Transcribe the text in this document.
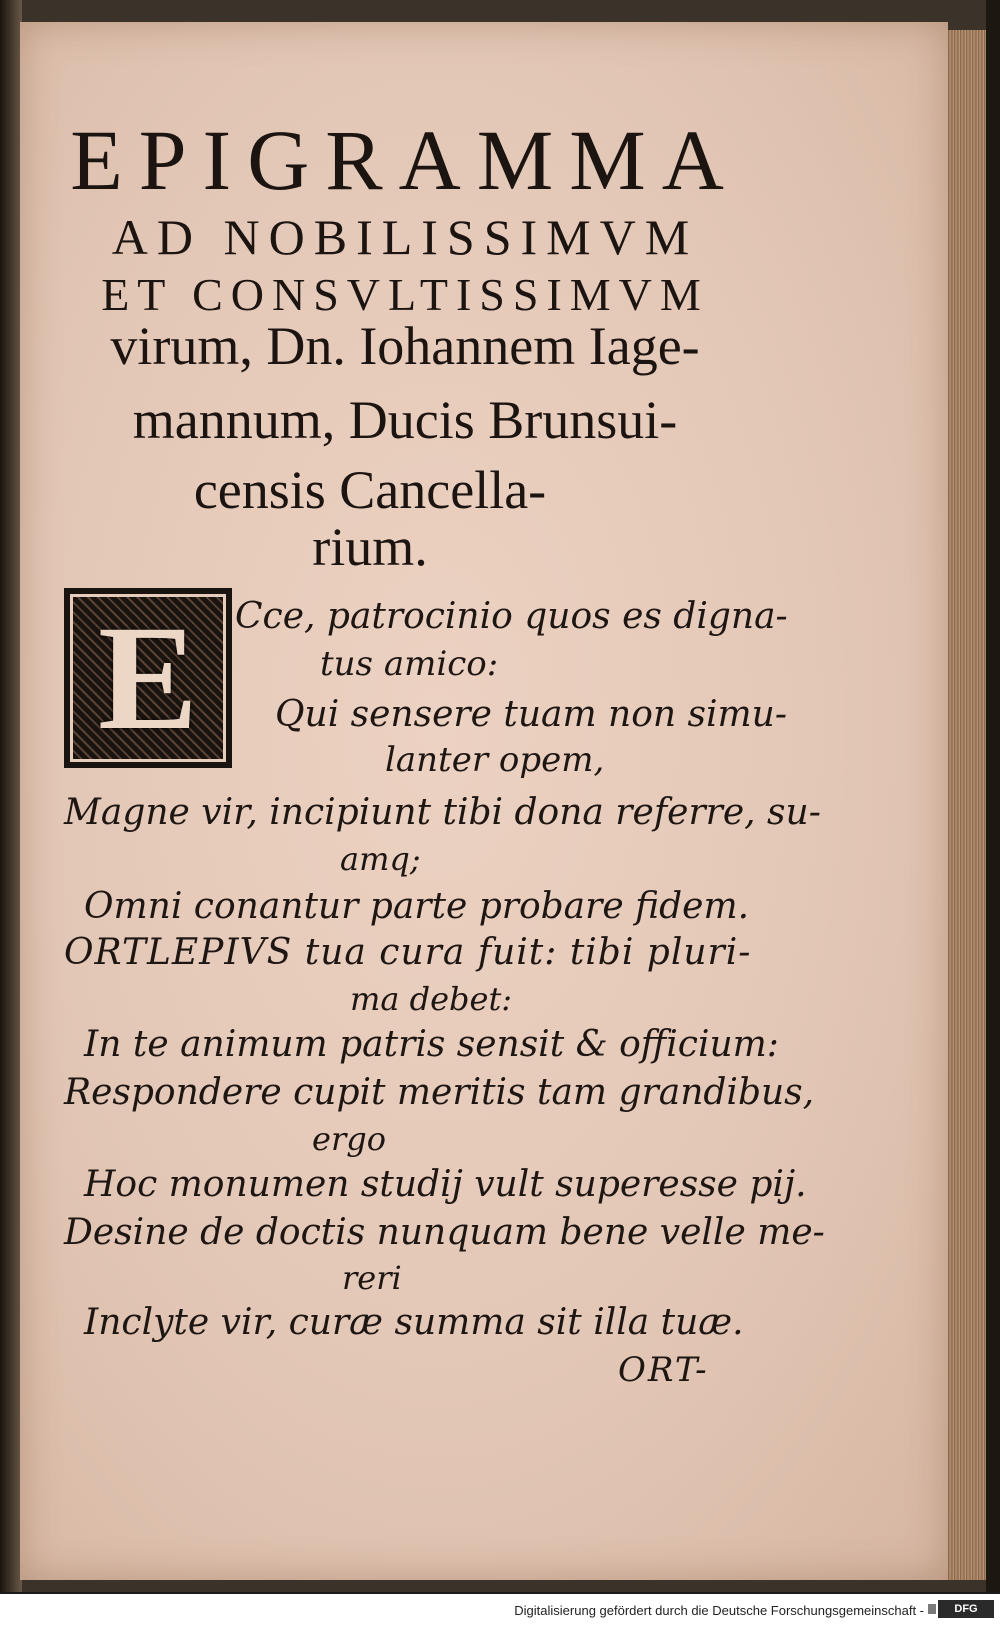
EPIGRAMMA
AD NOBILISSIMVM
ET CONSVLTISSIMVM
virum, Dn. Iohannem Iage-
mannum, Ducis Brunsui-
censis Cancella-
rium.
E	Cce, patrocinio quos es digna-
tus amico:
Qui sensere tuam non simu-
lanter opem,
Magne vir, incipiunt tibi dona referre, su-
amq;
Omni conantur parte probare fidem.
ORTLEPIVS tua cura fuit: tibi pluri-
ma debet:
In te animum patris sensit & officium:
Respondere cupit meritis tam grandibus,
ergo
Hoc monumen studij vult superesse pij.
Desine de doctis nunquam bene velle me-
reri
Inclyte vir, curæ summa sit illa tuæ.
ORT-
Digitalisierung gefördert durch die Deutsche Forschungsgemeinschaft -	DFG
